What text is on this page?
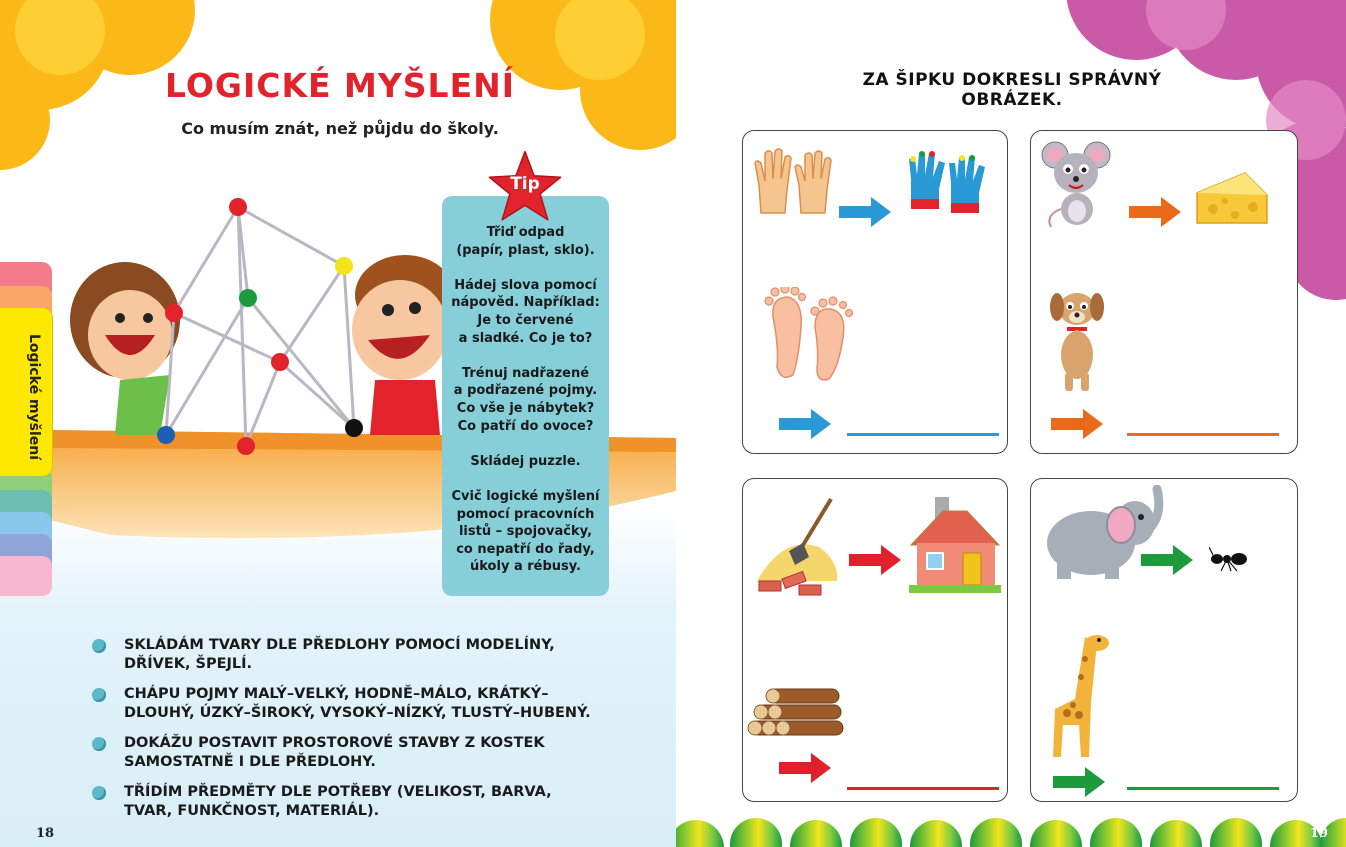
LOGICKÉ MYŠLENÍ
Co musím znát, než půjdu do školy.
Logické myšlení
Třiď odpad
(papír, plast, sklo).

Hádej slova pomocí
nápověd. Například:
Je to červené
a sladké. Co je to?

Trénuj nadřazené
a podřazené pojmy.
Co vše je nábytek?
Co patří do ovoce?

Skládej puzzle.

Cvič logické myšlení
pomocí pracovních
listů – spojovačky,
co nepatří do řady,
úkoly a rébusy.
Tip
SKLÁDÁM TVARY DLE PŘEDLOHY POMOCÍ MODELÍNY, DŘÍVEK, ŠPEJLÍ.
CHÁPU POJMY MALÝ–VELKÝ, HODNĚ–MÁLO, KRÁTKÝ–DLOUHÝ, ÚZKÝ–ŠIROKÝ, VYSOKÝ–NÍZKÝ, TLUSTÝ–HUBENÝ.
DOKÁŽU POSTAVIT PROSTOROVÉ STAVBY Z KOSTEK SAMOSTATNĚ I DLE PŘEDLOHY.
TŘÍDÍM PŘEDMĚTY DLE POTŘEBY (VELIKOST, BARVA, TVAR, FUNKČNOST, MATERIÁL).
18
ZA ŠIPKU DOKRESLI SPRÁVNÝ OBRÁZEK.
19
